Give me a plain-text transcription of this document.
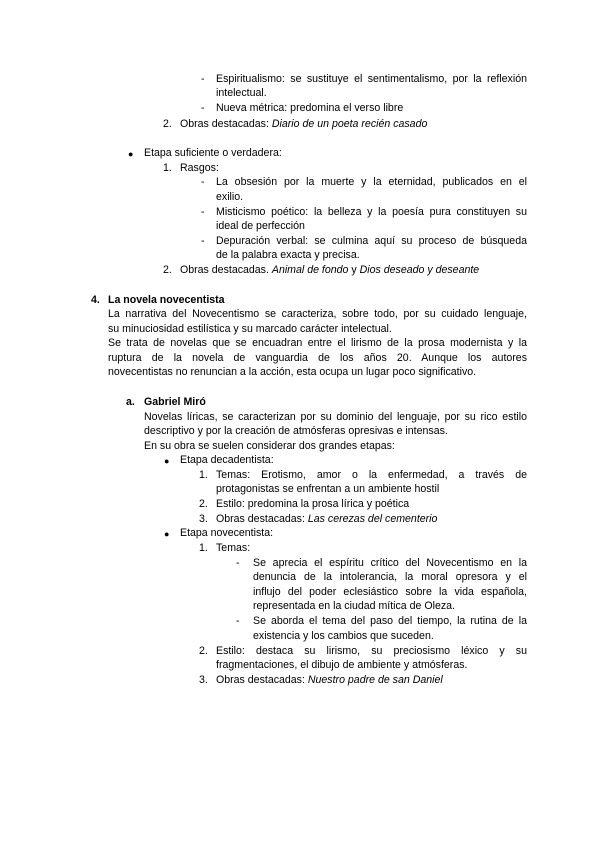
- Espiritualismo: se sustituye el sentimentalismo, por la reflexión
intelectual.
- Nueva métrica: predomina el verso libre
2. Obras destacadas: Diario de un poeta recién casado
● Etapa suficiente o verdadera:
1. Rasgos:
- La obsesión por la muerte y la eternidad, publicados en el
exilio.
- Misticismo poético: la belleza y la poesía pura constituyen su
ideal de perfección
- Depuración verbal: se culmina aquí su proceso de búsqueda
de la palabra exacta y precisa.
2. Obras destacadas. Animal de fondo y Dios deseado y deseante
4. La novela novecentista
La narrativa del Novecentismo se caracteriza, sobre todo, por su cuidado lenguaje,
su minuciosidad estilística y su marcado carácter intelectual.
Se trata de novelas que se encuadran entre el lirismo de la prosa modernista y la
ruptura de la novela de vanguardia de los años 20. Aunque los autores
novecentistas no renuncian a la acción, esta ocupa un lugar poco significativo.
a. Gabriel Miró
Novelas líricas, se caracterizan por su dominio del lenguaje, por su rico estilo
descriptivo y por la creación de atmósferas opresivas e intensas.
En su obra se suelen considerar dos grandes etapas:
● Etapa decadentista:
1. Temas: Erotismo, amor o la enfermedad, a través de
protagonistas se enfrentan a un ambiente hostil
2. Estilo: predomina la prosa lírica y poética
3. Obras destacadas: Las cerezas del cementerio
● Etapa novecentista:
1. Temas:
- Se aprecia el espíritu crítico del Novecentismo en la
denuncia de la intolerancia, la moral opresora y el
influjo del poder eclesiástico sobre la vida española,
representada en la ciudad mítica de Oleza.
- Se aborda el tema del paso del tiempo, la rutina de la
existencia y los cambios que suceden.
2. Estilo: destaca su lirismo, su preciosismo léxico y su
fragmentaciones, el dibujo de ambiente y atmósferas.
3. Obras destacadas: Nuestro padre de san Daniel
